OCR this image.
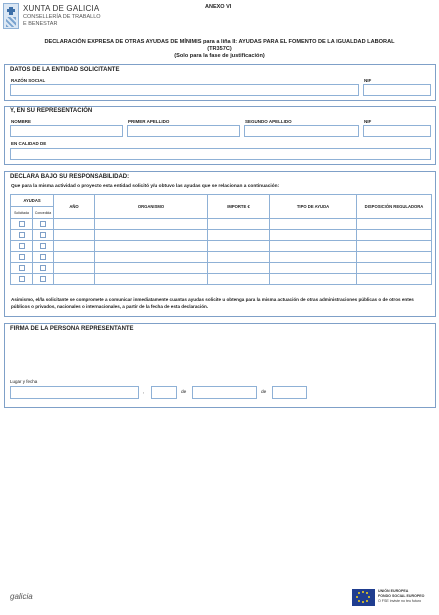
XUNTA DE GALICIA
CONSELLERÍA DE TRABALLO
E BENESTAR
ANEXO VI
DECLARACIÓN EXPRESA DE OTRAS AYUDAS DE MÍNIMIS para a liña II: AYUDAS PARA EL FOMENTO DE LA IGUALDAD LABORAL
(TR357C)
(Solo para la fase de justificación)
DATOS DE LA ENTIDAD SOLICITANTE
RAZÓN SOCIAL	NIF
Y, EN SU REPRESENTACIÓN
NOMBRE	PRIMER APELLIDO	SEGUNDO APELLIDO	NIF
EN CALIDAD DE
DECLARA BAJO SU RESPONSABILIDAD:
Que para la misma actividad o proyecto esta entidad solicitó y/u obtuvo las ayudas que se relacionan a continuación:
AYUDAS		AÑO	ORGANISMO	IMPORTE €	TIPO DE AYUDA	DISPOSICIÓN REGULADORA
Solicitada	Concedida					

Asimismo, el/la solicitante se compromete a comunicar inmediatamente cuantas ayudas solicite u obtenga para la misma actuación de otras administraciones públicas o de otros entes públicos o privados, nacionales o internacionales, a partir de la fecha de esta declaración.
FIRMA DE LA PERSONA REPRESENTANTE
Lugar y fecha
,	de	de
galicia
UNIÓN EUROPEA
FONDO SOCIAL EUROPEO
O FSE inviste no teu futuro
